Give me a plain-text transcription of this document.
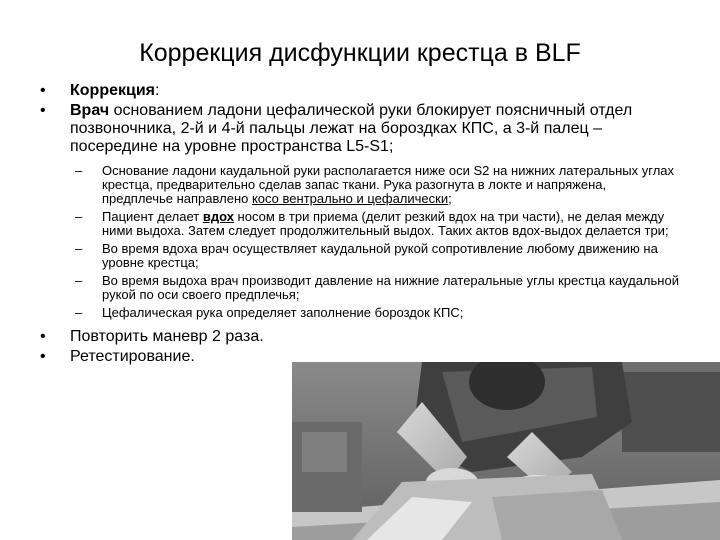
Коррекция дисфункции крестца в BLF
• Коррекция:
• Врач основанием ладони цефалической руки блокирует поясничный отдел позвоночника, 2-й и 4-й пальцы лежат на бороздках КПС, а 3-й палец – посередине на уровне пространства L5-S1;
– Основание ладони каудальной руки располагается ниже оси S2 на нижних латеральных углах крестца, предварительно сделав запас ткани. Рука разогнута в локте и напряжена, предплечье направлено косо вентрально и цефалически;
– Пациент делает вдох носом в три приема (делит резкий вдох на три части), не делая между ними выдоха. Затем следует продолжительный выдох. Таких актов вдох-выдох делается три;
– Во время вдоха врач осуществляет каудальной рукой сопротивление любому движению на уровне крестца;
– Во время выдоха врач производит давление на нижние латеральные углы крестца каудальной рукой по оси своего предплечья;
– Цефалическая рука определяет заполнение бороздок КПС;
• Повторить маневр 2 раза.
• Ретестирование.
